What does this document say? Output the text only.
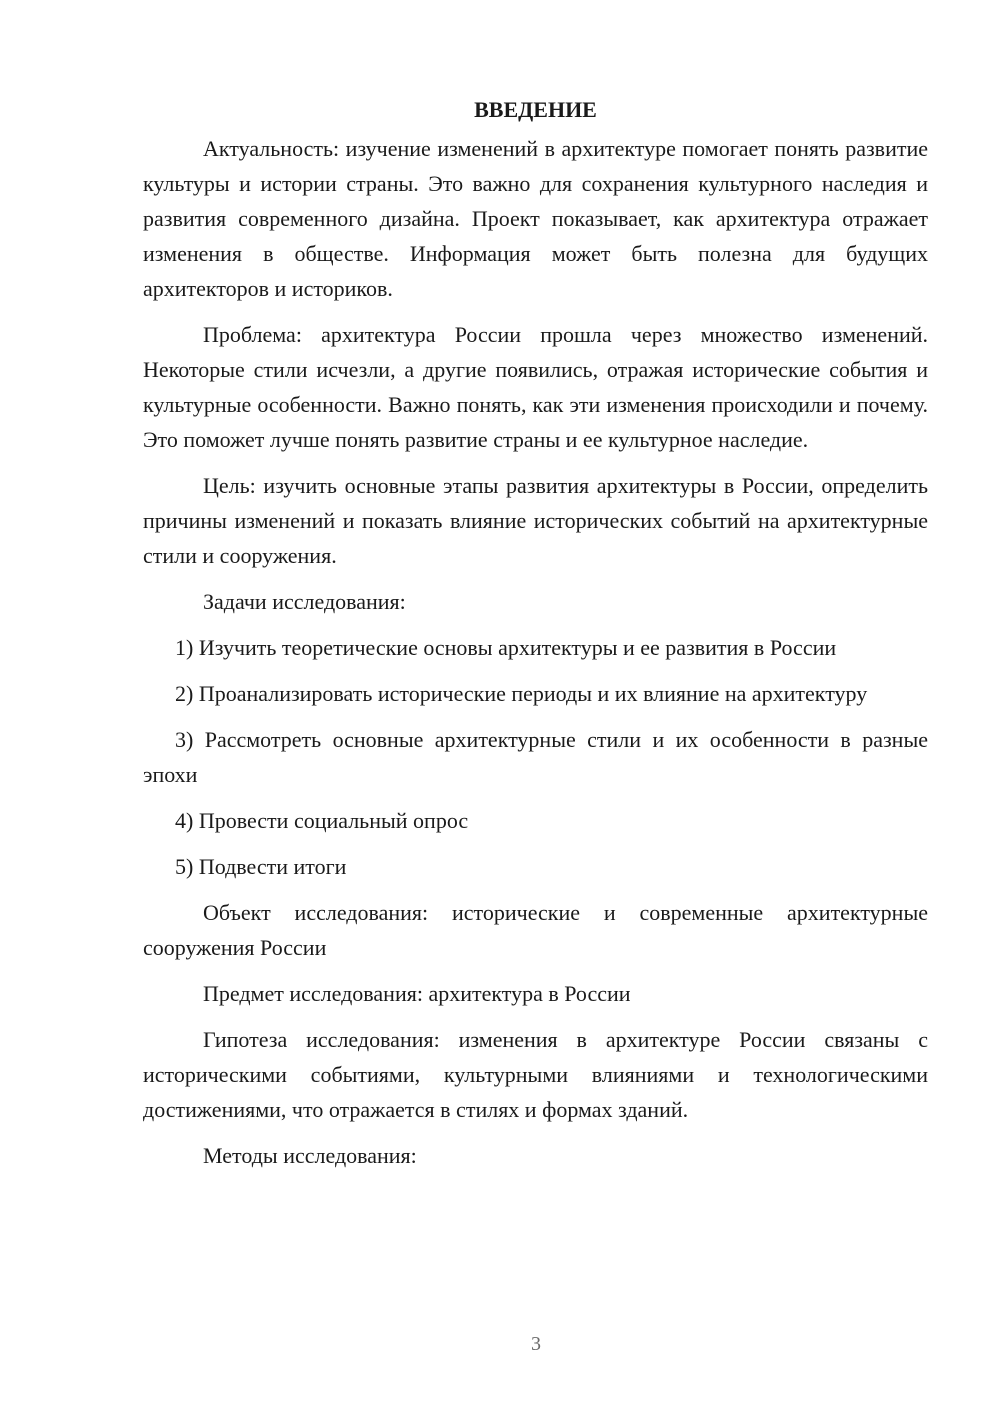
ВВЕДЕНИЕ

Актуальность: изучение изменений в архитектуре помогает понять развитие культуры и истории страны. Это важно для сохранения культурного наследия и развития современного дизайна. Проект показывает, как архитектура отражает изменения в обществе. Информация может быть полезна для будущих архитекторов и историков.

Проблема: архитектура России прошла через множество изменений. Некоторые стили исчезли, а другие появились, отражая исторические события и культурные особенности. Важно понять, как эти изменения происходили и почему. Это поможет лучше понять развитие страны и ее культурное наследие.

Цель: изучить основные этапы развития архитектуры в России, определить причины изменений и показать влияние исторических событий на архитектурные стили и сооружения.

Задачи исследования:

1) Изучить теоретические основы архитектуры и ее развития в России

2) Проанализировать исторические периоды и их влияние на архитектуру

3) Рассмотреть основные архитектурные стили и их особенности в разные эпохи

4) Провести социальный опрос

5) Подвести итоги

Объект исследования: исторические и современные архитектурные сооружения России

Предмет исследования: архитектура в России

Гипотеза исследования: изменения в архитектуре России связаны с историческими событиями, культурными влияниями и технологическими достижениями, что отражается в стилях и формах зданий.

Методы исследования:

3
